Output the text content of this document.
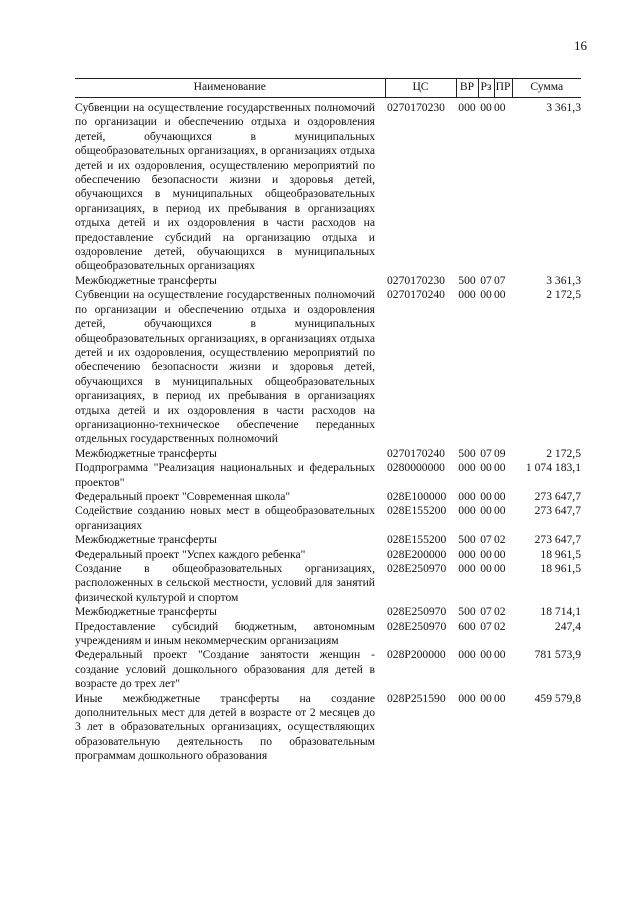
16
Наименование	ЦС	ВР	Рз	ПР	Сумма
Субвенции на осуществление государственных полномочий по организации и обеспечению отдыха и оздоровления детей, обучающихся в муниципальных общеобразовательных организациях, в организациях отдыха детей и их оздоровления, осуществлению мероприятий по обеспечению безопасности жизни и здоровья детей, обучающихся в муниципальных общеобразовательных организациях, в период их пребывания в организациях отдыха детей и их оздоровления в части расходов на предоставление субсидий на организацию отдыха и оздоровление детей, обучающихся в муниципальных общеобразовательных организациях	0270170230	000	00	00	3 361,3
Межбюджетные трансферты	0270170230	500	07	07	3 361,3
Субвенции на осуществление государственных полномочий по организации и обеспечению отдыха и оздоровления детей, обучающихся в муниципальных общеобразовательных организациях, в организациях отдыха детей и их оздоровления, осуществлению мероприятий по обеспечению безопасности жизни и здоровья детей, обучающихся в муниципальных общеобразовательных организациях, в период их пребывания в организациях отдыха детей и их оздоровления в части расходов на организационно-техническое обеспечение переданных отдельных государственных полномочий	0270170240	000	00	00	2 172,5
Межбюджетные трансферты	0270170240	500	07	09	2 172,5
Подпрограмма "Реализация национальных и федеральных проектов"	0280000000	000	00	00	1 074 183,1
Федеральный проект "Современная школа"	028E100000	000	00	00	273 647,7
Содействие созданию новых мест в общеобразовательных организациях	028E155200	000	00	00	273 647,7
Межбюджетные трансферты	028E155200	500	07	02	273 647,7
Федеральный проект "Успех каждого ребенка"	028E200000	000	00	00	18 961,5
Создание в общеобразовательных организациях, расположенных в сельской местности, условий для занятий физической культурой и спортом	028E250970	000	00	00	18 961,5
Межбюджетные трансферты	028E250970	500	07	02	18 714,1
Предоставление субсидий бюджетным, автономным учреждениям и иным некоммерческим организациям	028E250970	600	07	02	247,4
Федеральный проект "Создание занятости женщин - создание условий дошкольного образования для детей в возрасте до трех лет"	028P200000	000	00	00	781 573,9
Иные межбюджетные трансферты на создание дополнительных мест для детей в возрасте от 2 месяцев до 3 лет в образовательных организациях, осуществляющих образовательную деятельность по образовательным программам дошкольного образования	028P251590	000	00	00	459 579,8
